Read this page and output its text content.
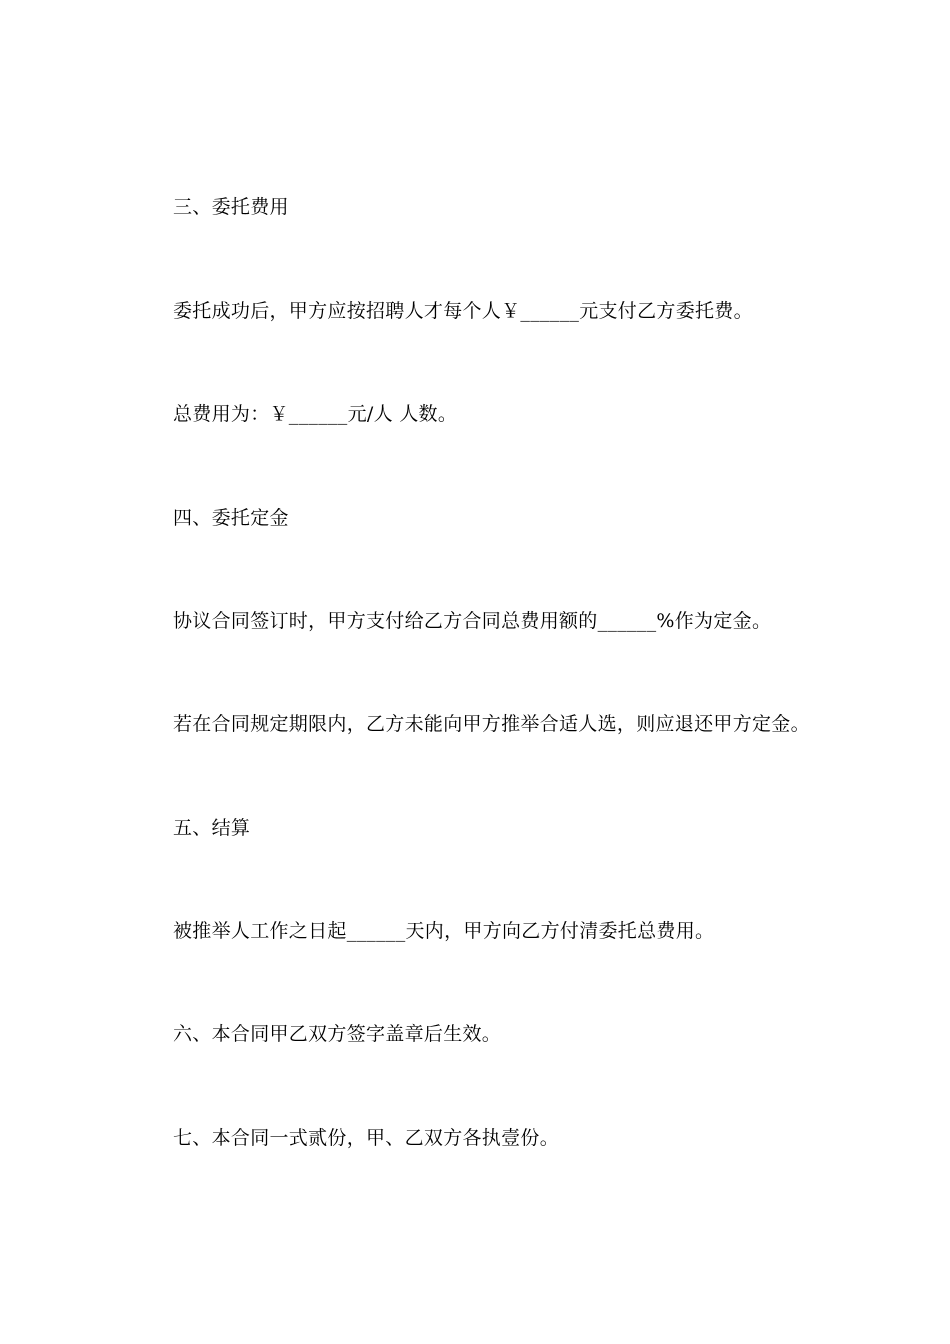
三、委托费用
委托成功后，甲方应按招聘人才每个人￥______元支付乙方委托费。
总费用为：￥______元/人 人数。
四、委托定金
协议合同签订时，甲方支付给乙方合同总费用额的______%作为定金。
若在合同规定期限内，乙方未能向甲方推举合适人选，则应退还甲方定金。
五、结算
被推举人工作之日起______天内，甲方向乙方付清委托总费用。
六、本合同甲乙双方签字盖章后生效。
七、本合同一式贰份，甲、乙双方各执壹份。
